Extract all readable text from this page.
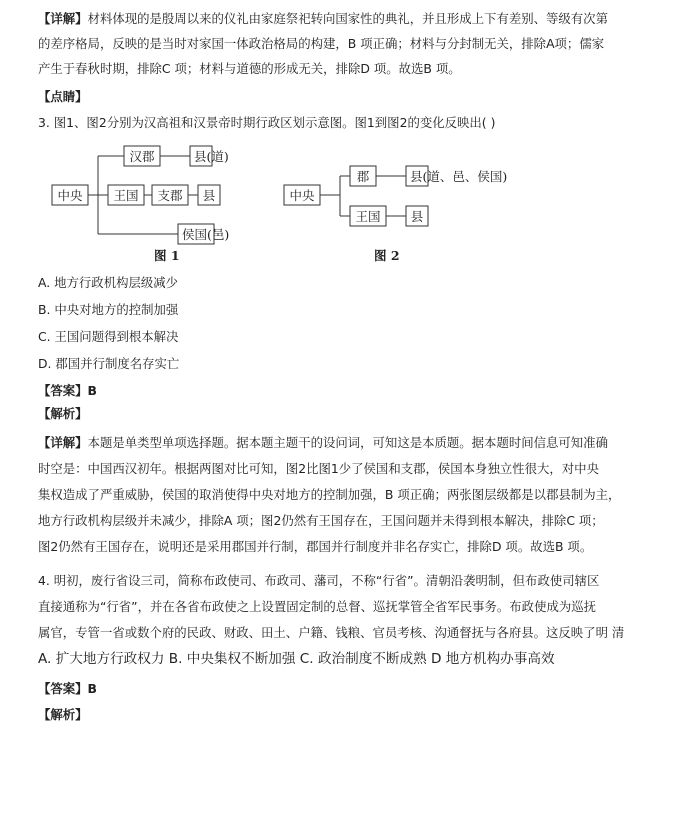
【详解】材料体现的是殷周以来的仪礼由家庭祭祀转向国家性的典礼，并且形成上下有差别、等级有次第
的差序格局，反映的是当时对家国一体政治格局的构建，B 项正确；材料与分封制无关，排除A项；儒家
产生于春秋时期，排除C 项；材料与道德的形成无关，排除D 项。故选B 项。
【点睛】
3. 图1、图2分别为汉高祖和汉景帝时期行政区划示意图。图1到图2的变化反映出( )
中央
汉郡	县(道)
王国 支郡 县
侯国(邑)
中央
郡	县(道、邑、侯国)
王国 县
图 1	图 2
A. 地方行政机构层级减少
B. 中央对地方的控制加强
C. 王国问题得到根本解决
D. 郡国并行制度名存实亡
【答案】B
【解析】
【详解】本题是单类型单项选择题。据本题主题干的设问词，可知这是本质题。据本题时间信息可知准确
时空是：中国西汉初年。根据两图对比可知，图2比图1少了侯国和支郡，侯国本身独立性很大，对中央
集权造成了严重威胁，侯国的取消使得中央对地方的控制加强，B 项正确；两张图层级都是以郡县制为主，
地方行政机构层级并未减少，排除A 项；图2仍然有王国存在，王国问题并未得到根本解决，排除C 项；
图2仍然有王国存在，说明还是采用郡国并行制，郡国并行制度并非名存实亡，排除D 项。故选B 项。
4. 明初，废行省设三司，简称布政使司、布政司、藩司，不称“行省”。清朝沿袭明制，但布政使司辖区
直接通称为“行省”，并在各省布政使之上设置固定制的总督、巡抚掌管全省军民事务。布政使成为巡抚
属官，专管一省或数个府的民政、财政、田土、户籍、钱粮、官员考核、沟通督抚与各府县。这反映了明 清
A. 扩大地方行政权力 B. 中央集权不断加强 C. 政治制度不断成熟 D 地方机构办事高效
【答案】B
【解析】
